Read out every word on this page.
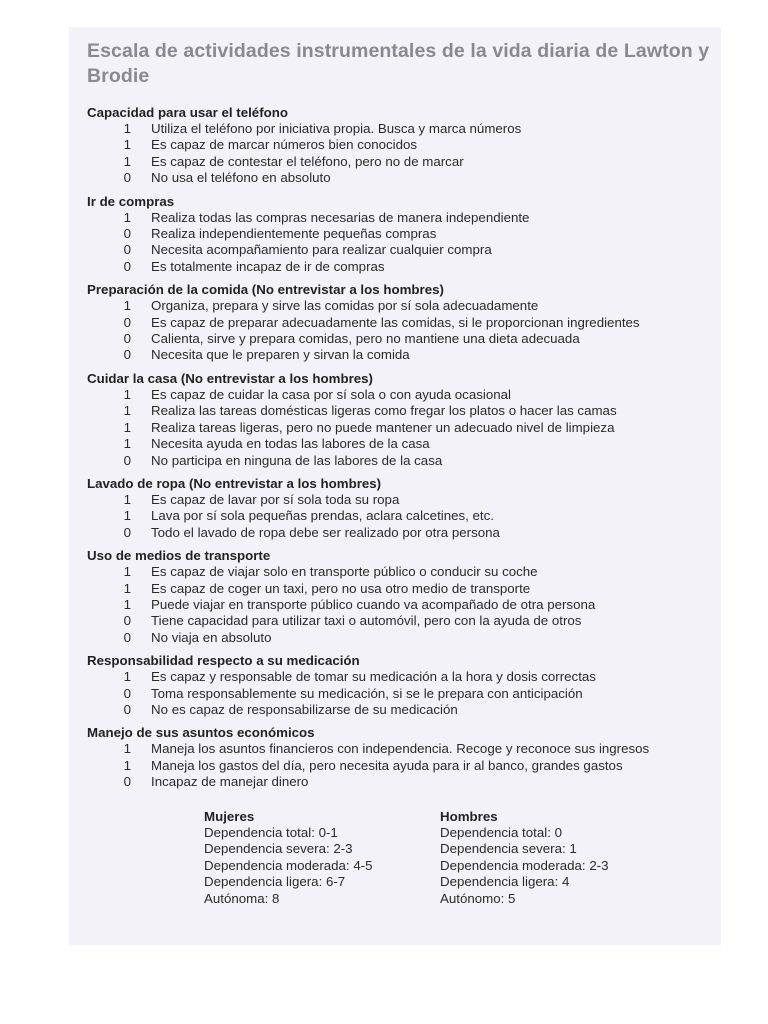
Escala de actividades instrumentales de la vida diaria de Lawton y Brodie
Capacidad para usar el teléfono
1	Utiliza el teléfono por iniciativa propia. Busca y marca números
1	Es capaz de marcar números bien conocidos
1	Es capaz de contestar el teléfono, pero no de marcar
0	No usa el teléfono en absoluto
Ir de compras
1	Realiza todas las compras necesarias de manera independiente
0	Realiza independientemente pequeñas compras
0	Necesita acompañamiento para realizar cualquier compra
0	Es totalmente incapaz de ir de compras
Preparación de la comida (No entrevistar a los hombres)
1	Organiza, prepara y sirve las comidas por sí sola adecuadamente
0	Es capaz de preparar adecuadamente las comidas, si le proporcionan ingredientes
0	Calienta, sirve y prepara comidas, pero no mantiene una dieta adecuada
0	Necesita que le preparen y sirvan la comida
Cuidar la casa (No entrevistar a los hombres)
1	Es capaz de cuidar la casa por sí sola o con ayuda ocasional
1	Realiza las tareas domésticas ligeras como fregar los platos o hacer las camas
1	Realiza tareas ligeras, pero no puede mantener un adecuado nivel de limpieza
1	Necesita ayuda en todas las labores de la casa
0	No participa en ninguna de las labores de la casa
Lavado de ropa (No entrevistar a los hombres)
1	Es capaz de lavar por sí sola toda su ropa
1	Lava por sí sola pequeñas prendas, aclara calcetines, etc.
0	Todo el lavado de ropa debe ser realizado por otra persona
Uso de medios de transporte
1	Es capaz de viajar solo en transporte público o conducir su coche
1	Es capaz de coger un taxi, pero no usa otro medio de transporte
1	Puede viajar en transporte público cuando va acompañado de otra persona
0	Tiene capacidad para utilizar taxi o automóvil, pero con la ayuda de otros
0	No viaja en absoluto
Responsabilidad respecto a su medicación
1	Es capaz y responsable de tomar su medicación a la hora y dosis correctas
0	Toma responsablemente su medicación, si se le prepara con anticipación
0	No es capaz de responsabilizarse de su medicación
Manejo de sus asuntos económicos
1	Maneja los asuntos financieros con independencia. Recoge y reconoce sus ingresos
1	Maneja los gastos del día, pero necesita ayuda para ir al banco, grandes gastos
0	Incapaz de manejar dinero
Mujeres
Dependencia total: 0-1
Dependencia severa: 2-3
Dependencia moderada: 4-5
Dependencia ligera: 6-7
Autónoma: 8
Hombres
Dependencia total: 0
Dependencia severa: 1
Dependencia moderada: 2-3
Dependencia ligera: 4
Autónomo: 5
